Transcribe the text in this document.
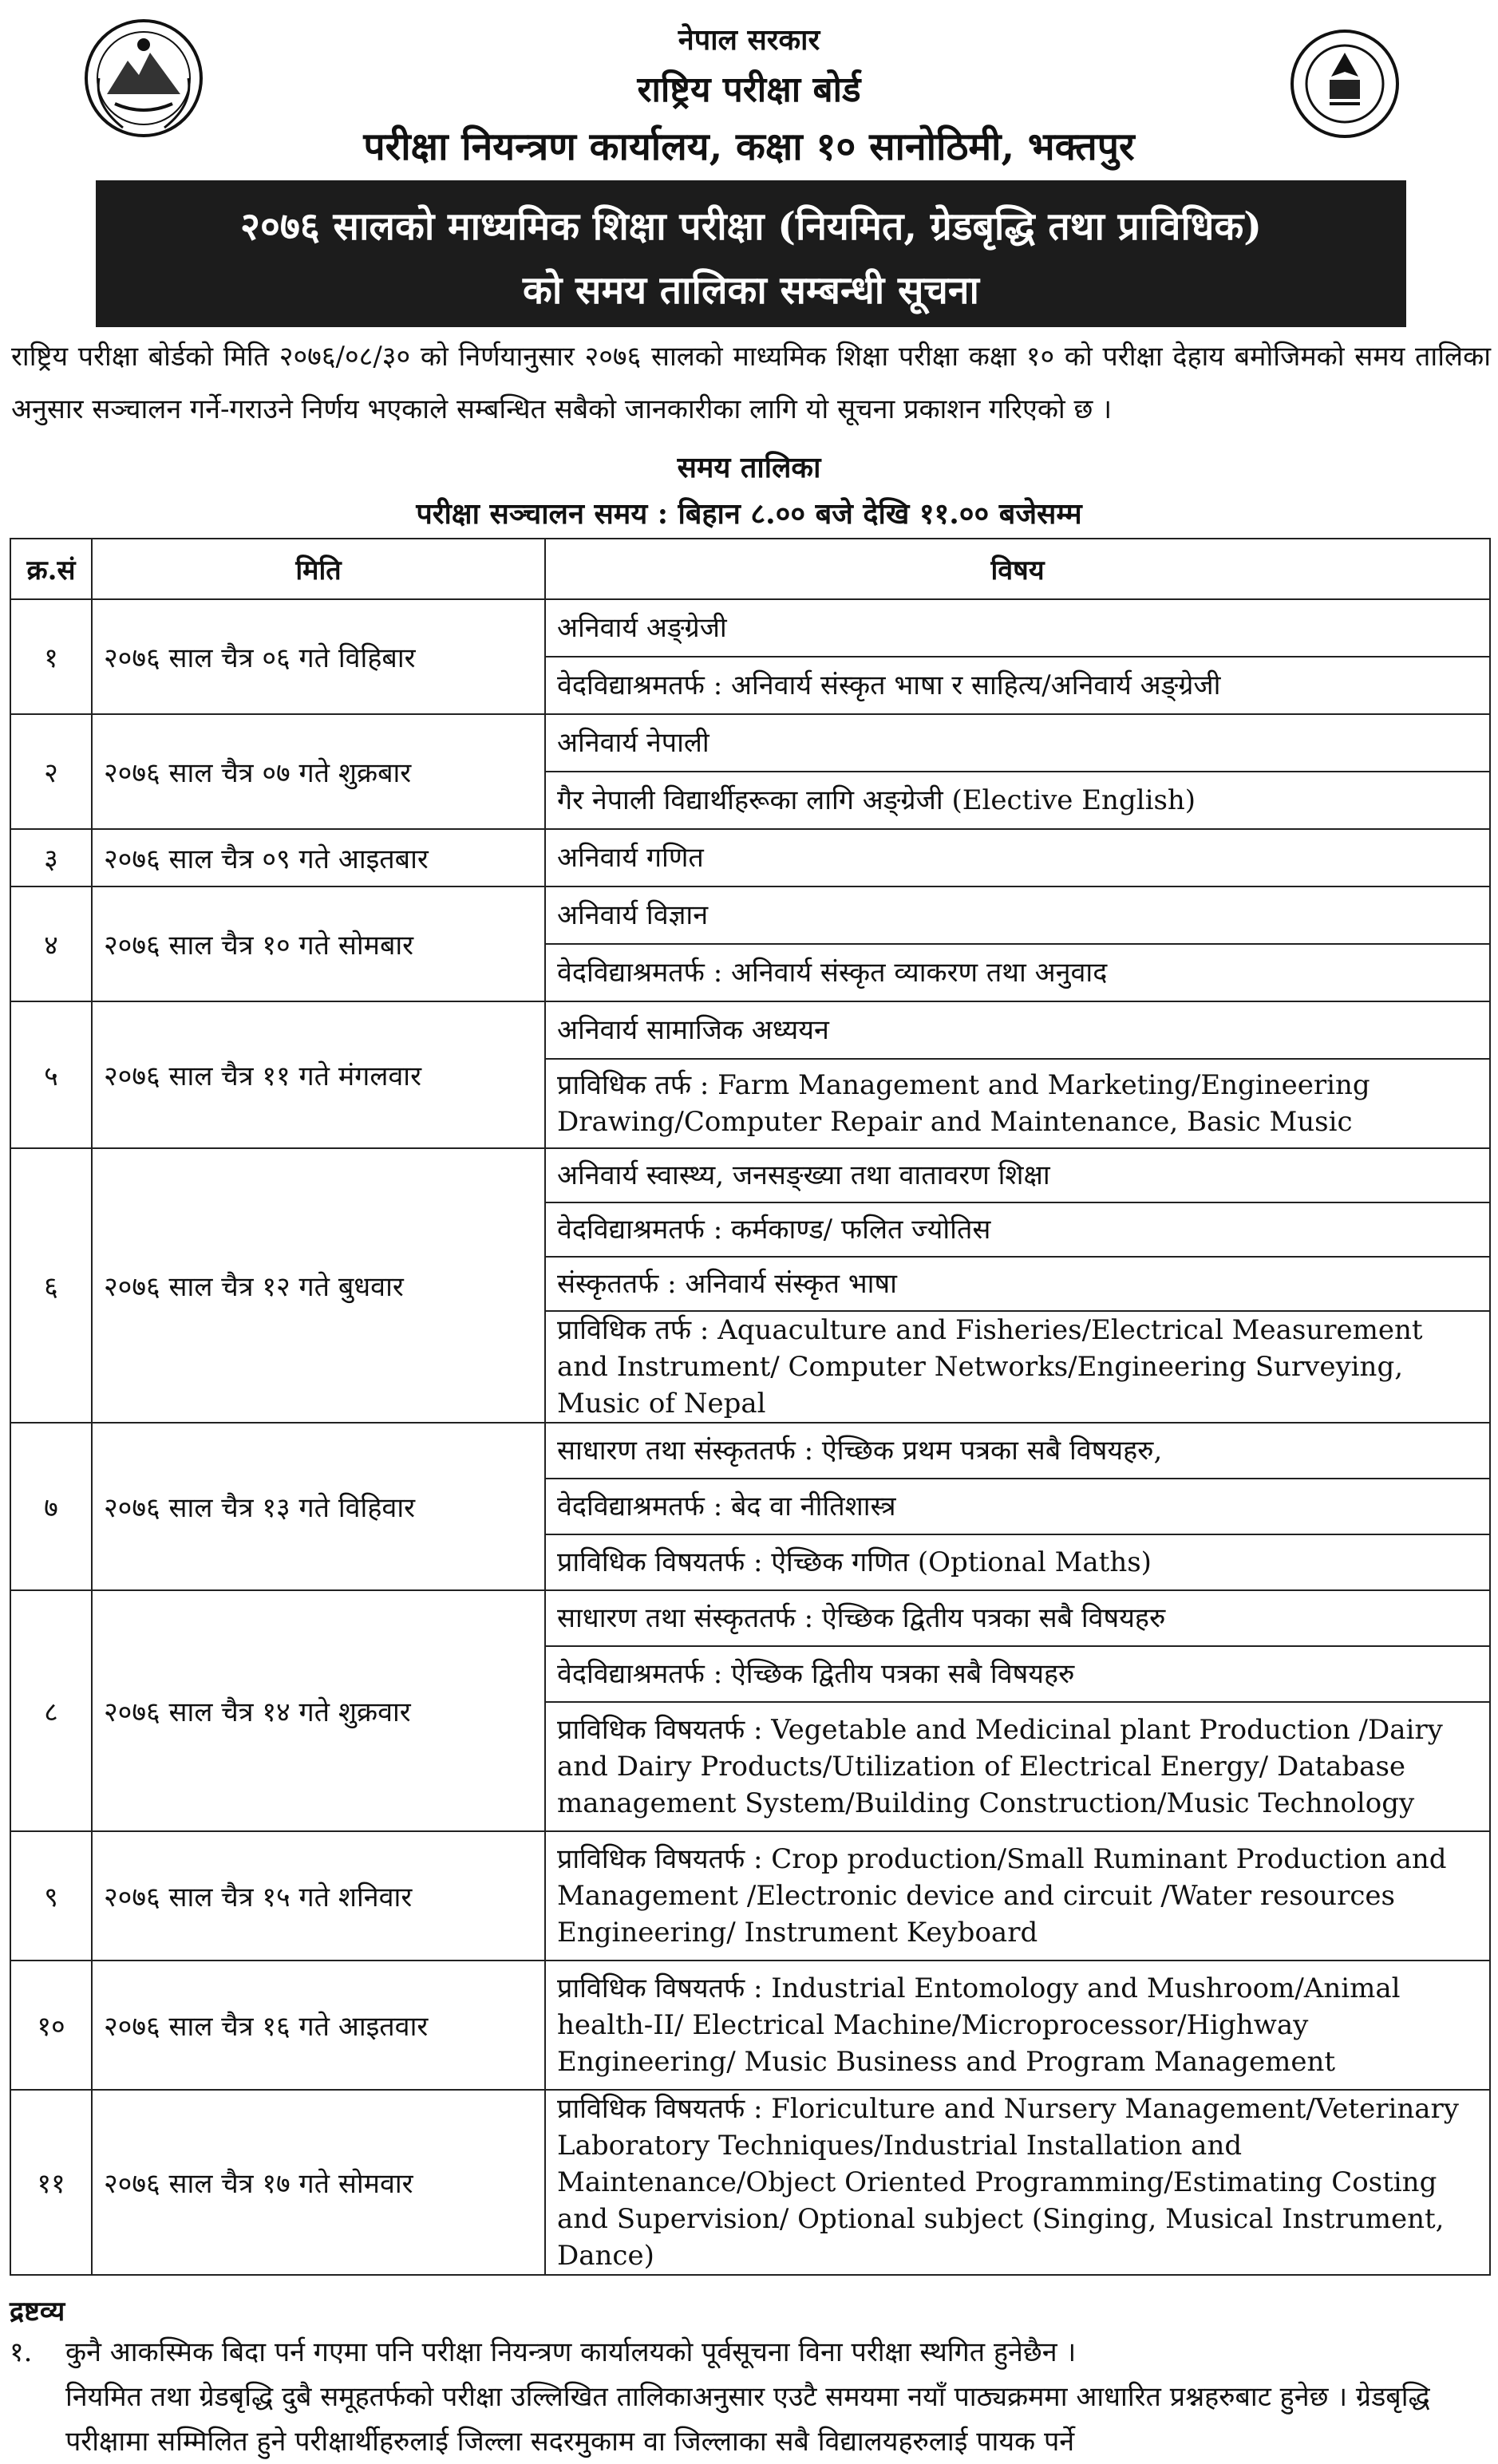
नेपाल सरकार
राष्ट्रिय परीक्षा बोर्ड
परीक्षा नियन्त्रण कार्यालय, कक्षा १० सानोठिमी, भक्तपुर
२०७६ सालको माध्यमिक शिक्षा परीक्षा (नियमित, ग्रेडबृद्धि तथा प्राविधिक)
को समय तालिका सम्बन्धी सूचना
राष्ट्रिय परीक्षा बोर्डको मिति २०७६/०८/३० को निर्णयानुसार २०७६ सालको माध्यमिक शिक्षा परीक्षा कक्षा १० को परीक्षा देहाय बमोजिमको समय तालिका अनुसार सञ्चालन गर्ने-गराउने निर्णय भएकाले सम्बन्धित सबैको जानकारीका लागि यो सूचना प्रकाशन गरिएको छ ।
समय तालिका
परीक्षा सञ्चालन समय : बिहान ८.०० बजे देखि ११.०० बजेसम्म
क्र.सं	मिति	विषय
१	२०७६ साल चैत्र ०६ गते विहिबार	अनिवार्य अङ्ग्रेजी
		वेदविद्याश्रमतर्फ : अनिवार्य संस्कृत भाषा र साहित्य/अनिवार्य अङ्ग्रेजी
२	२०७६ साल चैत्र ०७ गते शुक्रबार	अनिवार्य नेपाली
		गैर नेपाली विद्यार्थीहरूका लागि अङ्ग्रेजी (Elective English)
३	२०७६ साल चैत्र ०९ गते आइतबार	अनिवार्य गणित
४	२०७६ साल चैत्र १० गते सोमबार	अनिवार्य विज्ञान
		वेदविद्याश्रमतर्फ : अनिवार्य संस्कृत व्याकरण तथा अनुवाद
५	२०७६ साल चैत्र ११ गते मंगलवार	अनिवार्य सामाजिक अध्ययन
		प्राविधिक तर्फ : Farm Management and Marketing/Engineering Drawing/Computer Repair and Maintenance, Basic Music
६	२०७६ साल चैत्र १२ गते बुधवार	अनिवार्य स्वास्थ्य, जनसङ्ख्या तथा वातावरण शिक्षा
		वेदविद्याश्रमतर्फ : कर्मकाण्ड/ फलित ज्योतिस
		संस्कृततर्फ : अनिवार्य संस्कृत भाषा
		प्राविधिक तर्फ : Aquaculture and Fisheries/Electrical Measurement and Instrument/ Computer Networks/Engineering Surveying, Music of Nepal
७	२०७६ साल चैत्र १३ गते विहिवार	साधारण तथा संस्कृततर्फ : ऐच्छिक प्रथम पत्रका सबै विषयहरु,
		वेदविद्याश्रमतर्फ : बेद वा नीतिशास्त्र
		प्राविधिक विषयतर्फ : ऐच्छिक गणित (Optional Maths)
८	२०७६ साल चैत्र १४ गते शुक्रवार	साधारण तथा संस्कृततर्फ : ऐच्छिक द्वितीय पत्रका सबै विषयहरु
		वेदविद्याश्रमतर्फ : ऐच्छिक द्वितीय पत्रका सबै विषयहरु
		प्राविधिक विषयतर्फ : Vegetable and Medicinal plant Production /Dairy and Dairy Products/Utilization of Electrical Energy/ Database management System/Building Construction/Music Technology
९	२०७६ साल चैत्र १५ गते शनिवार	प्राविधिक विषयतर्फ : Crop production/Small Ruminant Production and Management /Electronic device and circuit /Water resources Engineering/ Instrument Keyboard
१०	२०७६ साल चैत्र १६ गते आइतवार	प्राविधिक विषयतर्फ : Industrial Entomology and Mushroom/Animal health-II/ Electrical Machine/Microprocessor/Highway Engineering/ Music Business and Program Management
११	२०७६ साल चैत्र १७ गते सोमवार	प्राविधिक विषयतर्फ : Floriculture and Nursery Management/Veterinary Laboratory Techniques/Industrial Installation and Maintenance/Object Oriented Programming/Estimating Costing and Supervision/ Optional subject (Singing, Musical Instrument, Dance)
द्रष्टव्य
१. कुनै आकस्मिक बिदा पर्न गएमा पनि परीक्षा नियन्त्रण कार्यालयको पूर्वसूचना विना परीक्षा स्थगित हुनेछैन ।
नियमित तथा ग्रेडबृद्धि दुबै समूहतर्फको परीक्षा उल्लिखित तालिकाअनुसार एउटै समयमा नयाँ पाठ्यक्रममा आधारित प्रश्नहरुबाट हुनेछ । ग्रेडबृद्धि परीक्षामा सम्मिलित हुने परीक्षार्थीहरुलाई जिल्ला सदरमुकाम वा जिल्लाका सबै विद्यालयहरुलाई पायक पर्ने
